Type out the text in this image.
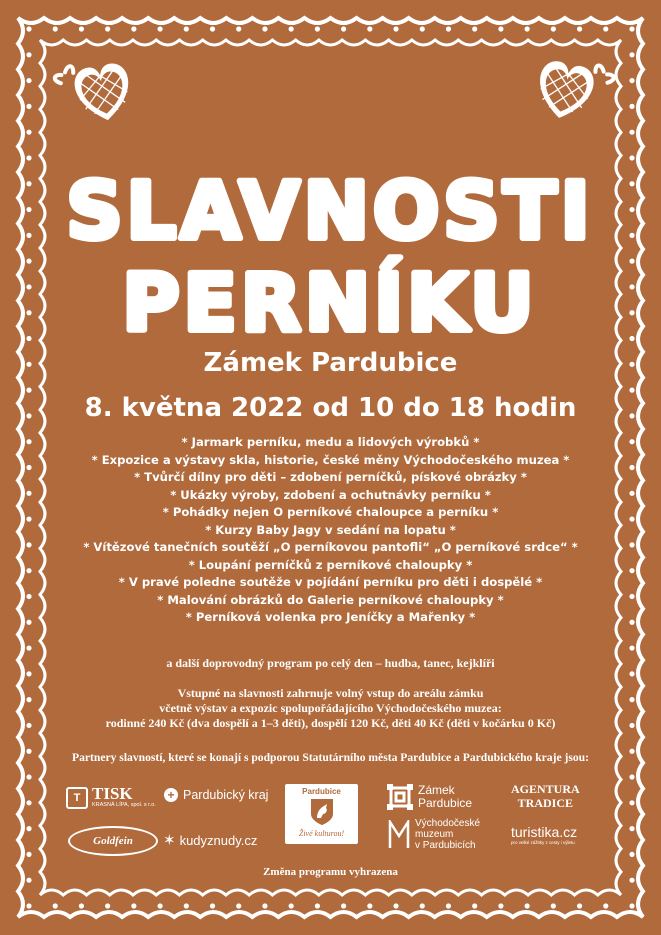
SLAVNOSTI
PERNÍKU
Zámek Pardubice
8. května 2022 od 10 do 18 hodin
* Jarmark perníku, medu a lidových výrobků *
* Expozice a výstavy skla, historie, české měny Východočeského muzea *
* Tvůrčí dílny pro děti – zdobení perníčků, pískové obrázky *
* Ukázky výroby, zdobení a ochutnávky perníku *
* Pohádky nejen O perníkové chaloupce a perníku *
* Kurzy Baby Jagy v sedání na lopatu *
* Vítězové tanečních soutěží „O perníkovou pantofli“ „O perníkové srdce“ *
* Loupání perníčků z perníkové chaloupky *
* V pravé poledne soutěže v pojídání perníku pro děti i dospělé *
* Malování obrázků do Galerie perníkové chaloupky *
* Perníková volenka pro Jeníčky a Mařenky *
a další doprovodný program po celý den – hudba, tanec, kejklíři
Vstupné na slavnosti zahrnuje volný vstup do areálu zámku
včetně výstav a expozic spolupořádajícího Východočeského muzea:
rodinné 240 Kč (dva dospělí a 1–3 děti), dospělí 120 Kč, děti 40 Kč (děti v kočárku 0 Kč)
Partnery slavností, které se konají s podporou Statutárního města Pardubice a Pardubického kraje jsou:
T TISK
KRASNÁ LÍPA, spol. s r.o.
+ Pardubický kraj	Pardubice
Živé kulturou!
Zámek
Pardubice
AGENTURA
TRADICE
Goldfein ✶ kudyznudy.cz
Východočeské
muzeum
v Pardubicích
turistika.cz
pro velké zážitky z cesty i výletu
Změna programu vyhrazena
